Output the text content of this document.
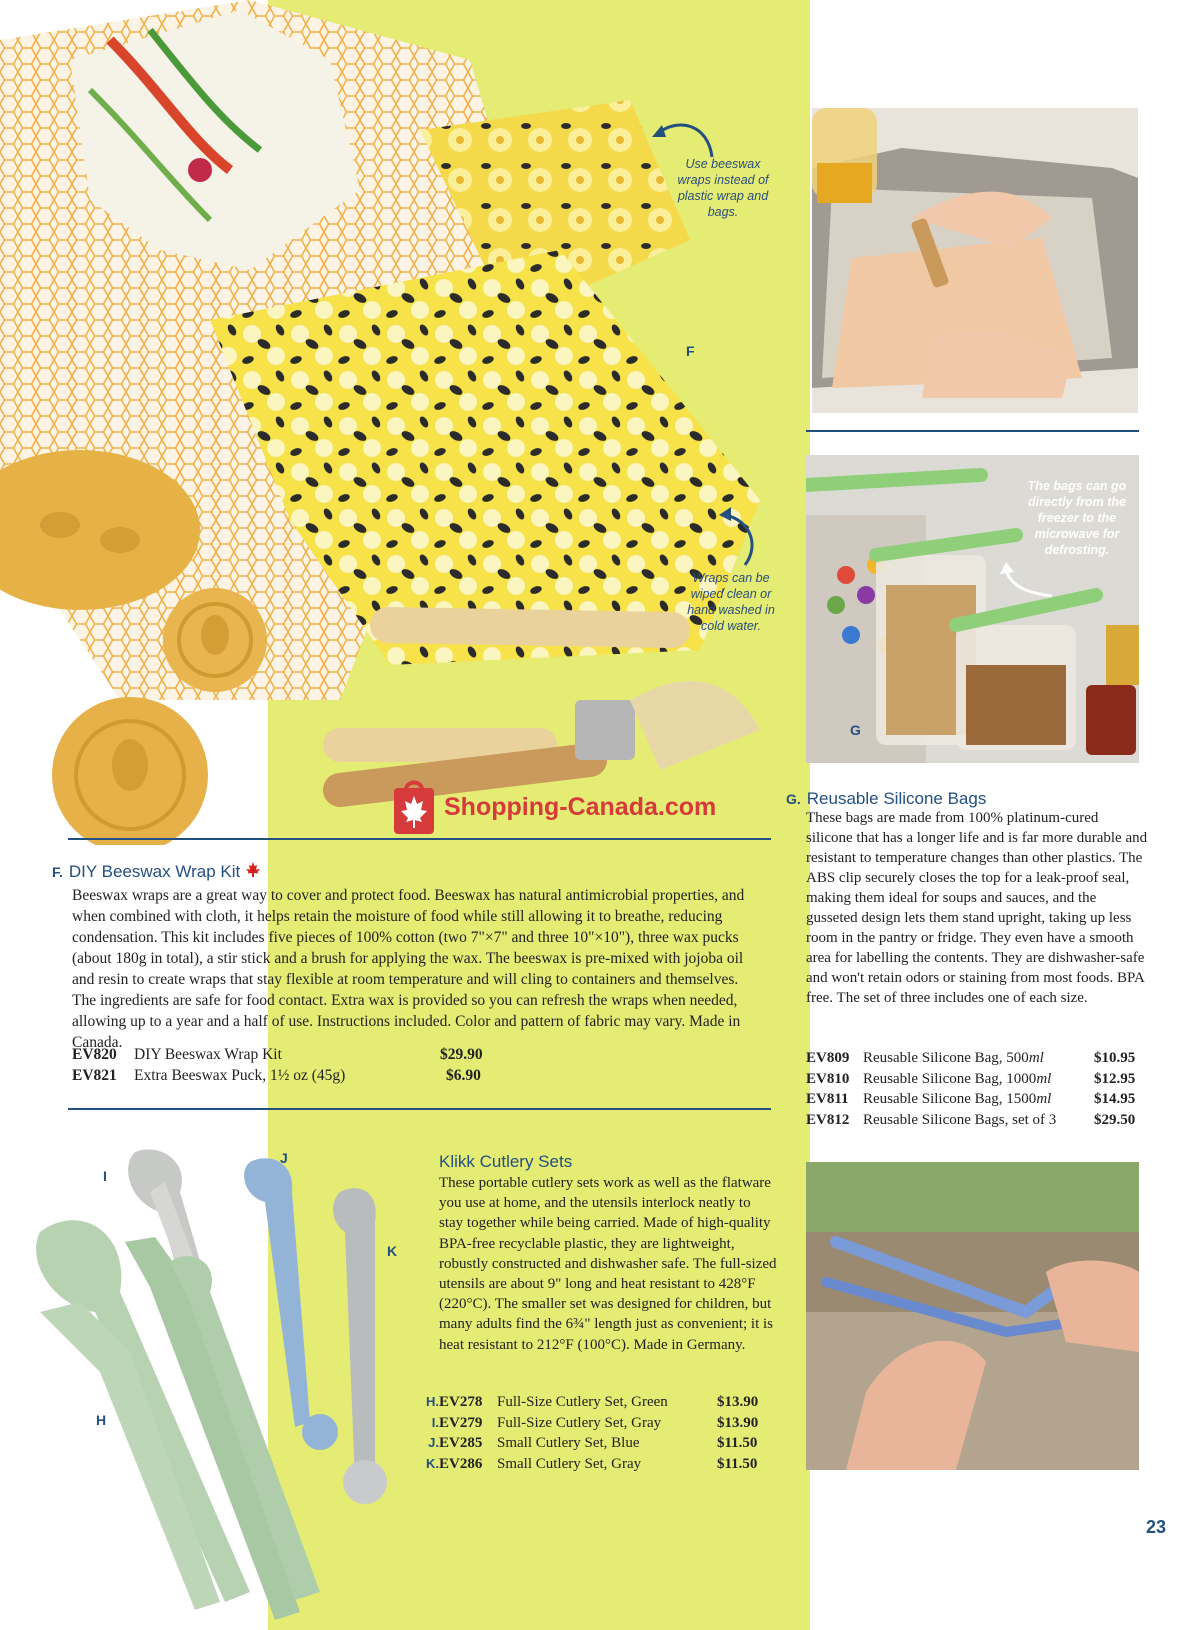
Use beeswax wraps instead of plastic wrap and bags.
Wraps can be wiped clean or hand washed in cold water.
F
Shopping-Canada.com
The bags can go directly from the freezer to the microwave for defrosting.
G
H
I
J
K
F. DIY Beeswax Wrap Kit
Beeswax wraps are a great way to cover and protect food. Beeswax has natural antimicrobial properties, and when combined with cloth, it helps retain the moisture of food while still allowing it to breathe, reducing condensation. This kit includes five pieces of 100% cotton (two 7"×7" and three 10"×10"), three wax pucks (about 180g in total), a stir stick and a brush for applying the wax. The beeswax is pre-mixed with jojoba oil and resin to create wraps that stay flexible at room temperature and will cling to containers and themselves. The ingredients are safe for food contact. Extra wax is provided so you can refresh the wraps when needed, allowing up to a year and a half of use. Instructions included. Color and pattern of fabric may vary. Made in Canada.
EV820	DIY Beeswax Wrap Kit	$29.90
EV821	Extra Beeswax Puck, 1½ oz (45g)	$6.90
G. Reusable Silicone Bags
These bags are made from 100% platinum-cured silicone that has a longer life and is far more durable and resistant to temperature changes than other plastics. The ABS clip securely closes the top for a leak-proof seal, making them ideal for soups and sauces, and the gusseted design lets them stand upright, taking up less room in the pantry or fridge. They even have a smooth area for labelling the contents. They are dishwasher-safe and won't retain odors or staining from most foods. BPA free. The set of three includes one of each size.
EV809 Reusable Silicone Bag, 500ml	$10.95
EV810 Reusable Silicone Bag, 1000ml	$12.95
EV811 Reusable Silicone Bag, 1500ml	$14.95
EV812 Reusable Silicone Bags, set of 3	$29.50
Klikk Cutlery Sets
These portable cutlery sets work as well as the flatware you use at home, and the utensils interlock neatly to stay together while being carried. Made of high-quality BPA-free recyclable plastic, they are lightweight, robustly constructed and dishwasher safe. The full-sized utensils are about 9" long and heat resistant to 428°F (220°C). The smaller set was designed for children, but many adults find the 6¾" length just as convenient; it is heat resistant to 212°F (100°C). Made in Germany.
H. EV278 Full-Size Cutlery Set, Green	$13.90
I. EV279 Full-Size Cutlery Set, Gray	$13.90
J. EV285 Small Cutlery Set, Blue	$11.50
K. EV286 Small Cutlery Set, Gray	$11.50
23
